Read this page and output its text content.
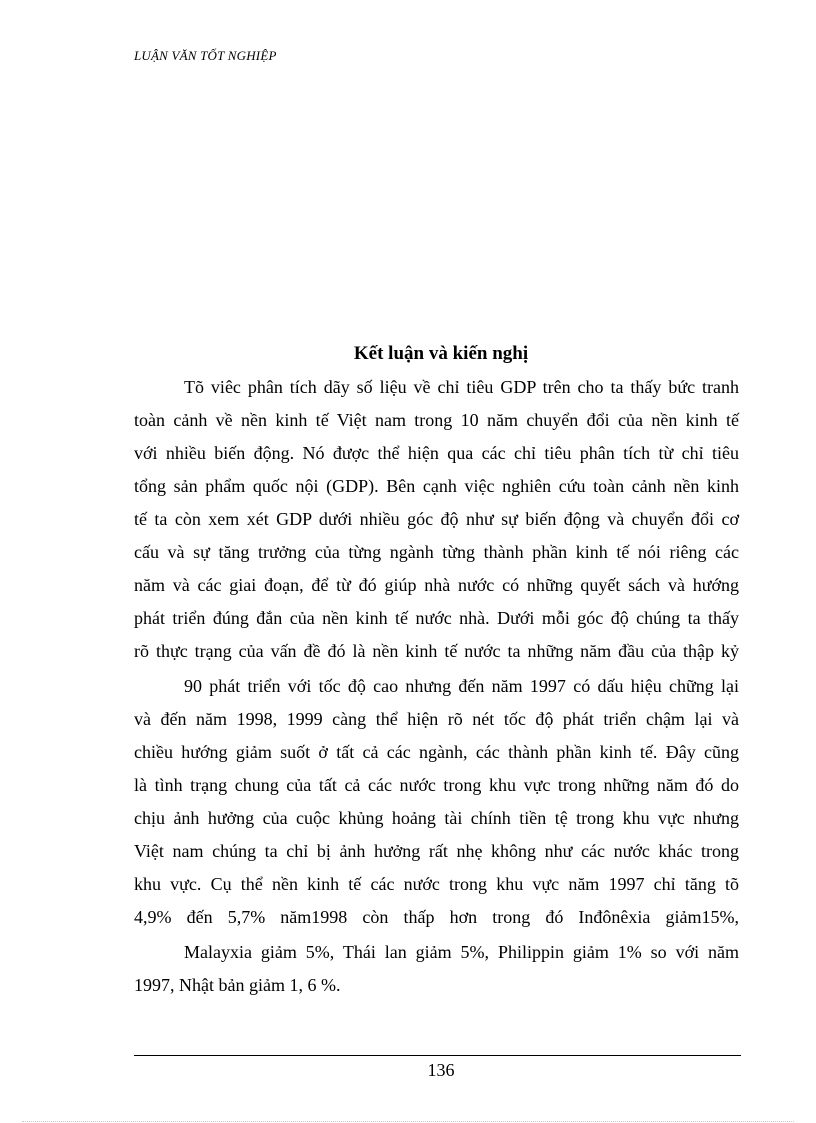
LUẬN VĂN TỐT NGHIỆP
Kết luận và kiến nghị
Tõ viêc phân tích dãy số liệu về chỉ tiêu GDP trên cho ta thấy bức tranh
toàn cảnh về nền kinh tế Việt nam trong 10 năm chuyển đổi của nền kinh tế
với nhiều biến động. Nó được thể hiện qua các chỉ tiêu phân tích từ chỉ tiêu
tổng sản phẩm quốc nội (GDP). Bên cạnh việc nghiên cứu toàn cảnh nền kinh
tế ta còn xem xét GDP dưới nhiều góc độ như sự biến động và chuyển đổi cơ
cấu và sự tăng trưởng của từng ngành từng thành phần kinh tế nói riêng các
năm và các giai đoạn, để từ đó giúp nhà nước có những quyết sách và hướng
phát triển đúng đắn của nền kinh tế nước nhà. Dưới mỗi góc độ chúng ta thấy
rõ thực trạng của vấn đề đó là nền kinh tế nước ta những năm đầu của thập kỷ
90 phát triển với tốc độ cao nhưng đến năm 1997 có dấu hiệu chững lại
và đến năm 1998, 1999 càng thể hiện rõ nét tốc độ phát triển chậm lại và
chiều hướng giảm suốt ở tất cả các ngành, các thành phần kinh tế. Đây cũng
là tình trạng chung của tất cả các nước trong khu vực trong những năm đó do
chịu ảnh hưởng của cuộc khủng hoảng tài chính tiền tệ trong khu vực nhưng
Việt nam chúng ta chỉ bị ảnh hưởng rất nhẹ không như các nước khác trong
khu vực. Cụ thể nền kinh tế các nước trong khu vực năm 1997 chỉ tăng tõ
4,9% đến 5,7% năm1998 còn thấp hơn trong đó Inđônêxia giảm15%,
Malayxia giảm 5%, Thái lan giảm 5%, Philippin giảm 1% so với năm
1997, Nhật bản giảm 1, 6 %.
136
